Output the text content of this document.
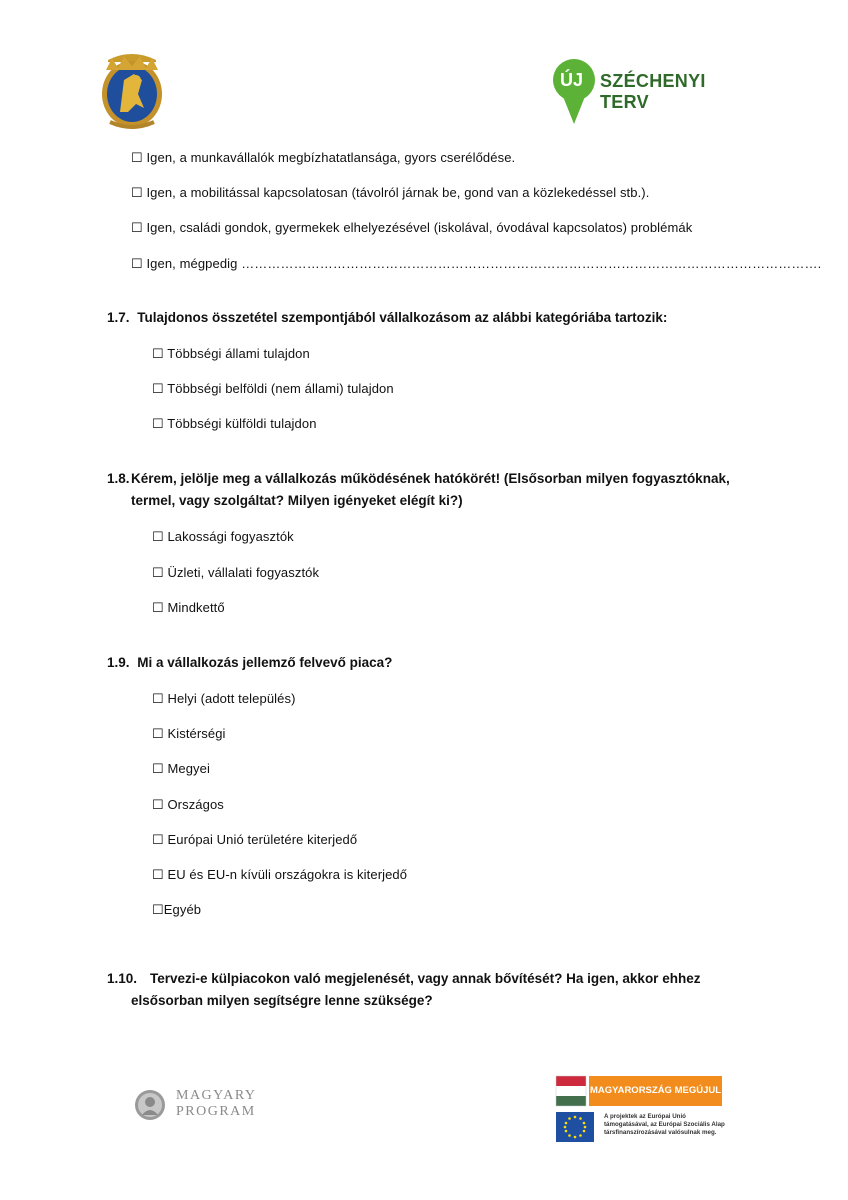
ÚJ SZÉCHENYI TERV
☐ Igen, a munkavállalók megbízhatatlansága, gyors cserélődése.
☐ Igen, a mobilitással kapcsolatosan (távolról járnak be, gond van a közlekedéssel stb.).
☐ Igen, családi gondok, gyermekek elhelyezésével (iskolával, óvodával kapcsolatos) problémák
☐ Igen, mégpedig …………………………………………………………………………………………………………………….
1.7. Tulajdonos összetétel szempontjából vállalkozásom az alábbi kategóriába tartozik:
☐ Többségi állami tulajdon
☐ Többségi belföldi (nem állami) tulajdon
☐ Többségi külföldi tulajdon
1.8. Kérem, jelölje meg a vállalkozás működésének hatókörét! (Elsősorban milyen fogyasztóknak,
termel, vagy szolgáltat? Milyen igényeket elégít ki?)
☐ Lakossági fogyasztók
☐ Üzleti, vállalati fogyasztók
☐ Mindkettő
1.9. Mi a vállalkozás jellemző felvevő piaca?
☐ Helyi (adott település)
☐ Kistérségi
☐ Megyei
☐ Országos
☐ Európai Unió területére kiterjedő
☐ EU és EU-n kívüli országokra is kiterjedő
☐Egyéb
1.10. Tervezi-e külpiacokon való megjelenését, vagy annak bővítését? Ha igen, akkor ehhez
elsősorban milyen segítségre lenne szüksége?
MAGYARY
PROGRAM
MAGYARORSZÁG MEGÚJUL
A projektek az Európai Unió
támogatásával, az Európai Szociális Alap
társfinanszírozásával valósulnak meg.
